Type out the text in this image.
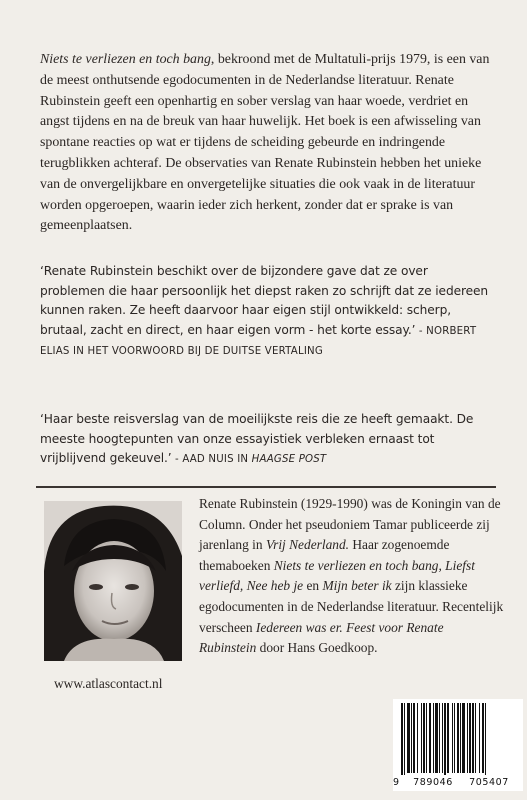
Niets te verliezen en toch bang, bekroond met de Multatuli-prijs 1979, is een van de meest onthutsende egodocumenten in de Nederlandse literatuur. Renate Rubinstein geeft een openhartig en sober verslag van haar woede, verdriet en angst tijdens en na de breuk van haar huwelijk. Het boek is een afwisseling van spontane reacties op wat er tijdens de scheiding gebeurde en indringende terugblikken achteraf. De observaties van Renate Rubinstein hebben het unieke van de onvergelijkbare en onvergetelijke situaties die ook vaak in de literatuur worden opgeroepen, waarin ieder zich herkent, zonder dat er sprake is van gemeenplaatsen.

‘Renate Rubinstein beschikt over de bijzondere gave dat ze over problemen die haar persoonlijk het diepst raken zo schrijft dat ze iedereen kunnen raken. Ze heeft daarvoor haar eigen stijl ontwikkeld: scherp, brutaal, zacht en direct, en haar eigen vorm - het korte essay.’ - NORBERT ELIAS IN HET VOORWOORD BIJ DE DUITSE VERTALING

‘Haar beste reisverslag van de moeilijkste reis die ze heeft gemaakt. De meeste hoogtepunten van onze essayistiek verbleken ernaast tot vrijblijvend gekeuvel.’ - AAD NUIS IN HAAGSE POST

Renate Rubinstein (1929-1990) was de Koningin van de Column. Onder het pseudoniem Tamar publiceerde zij jarenlang in Vrij Nederland. Haar zogenoemde themaboeken Niets te verliezen en toch bang, Liefst verliefd, Nee heb je en Mijn beter ik zijn klassieke egodocumenten in de Nederlandse literatuur. Recentelijk verscheen Iedereen was er. Feest voor Renate Rubinstein door Hans Goedkoop.

www.atlascontact.nl
9 789046 705407
